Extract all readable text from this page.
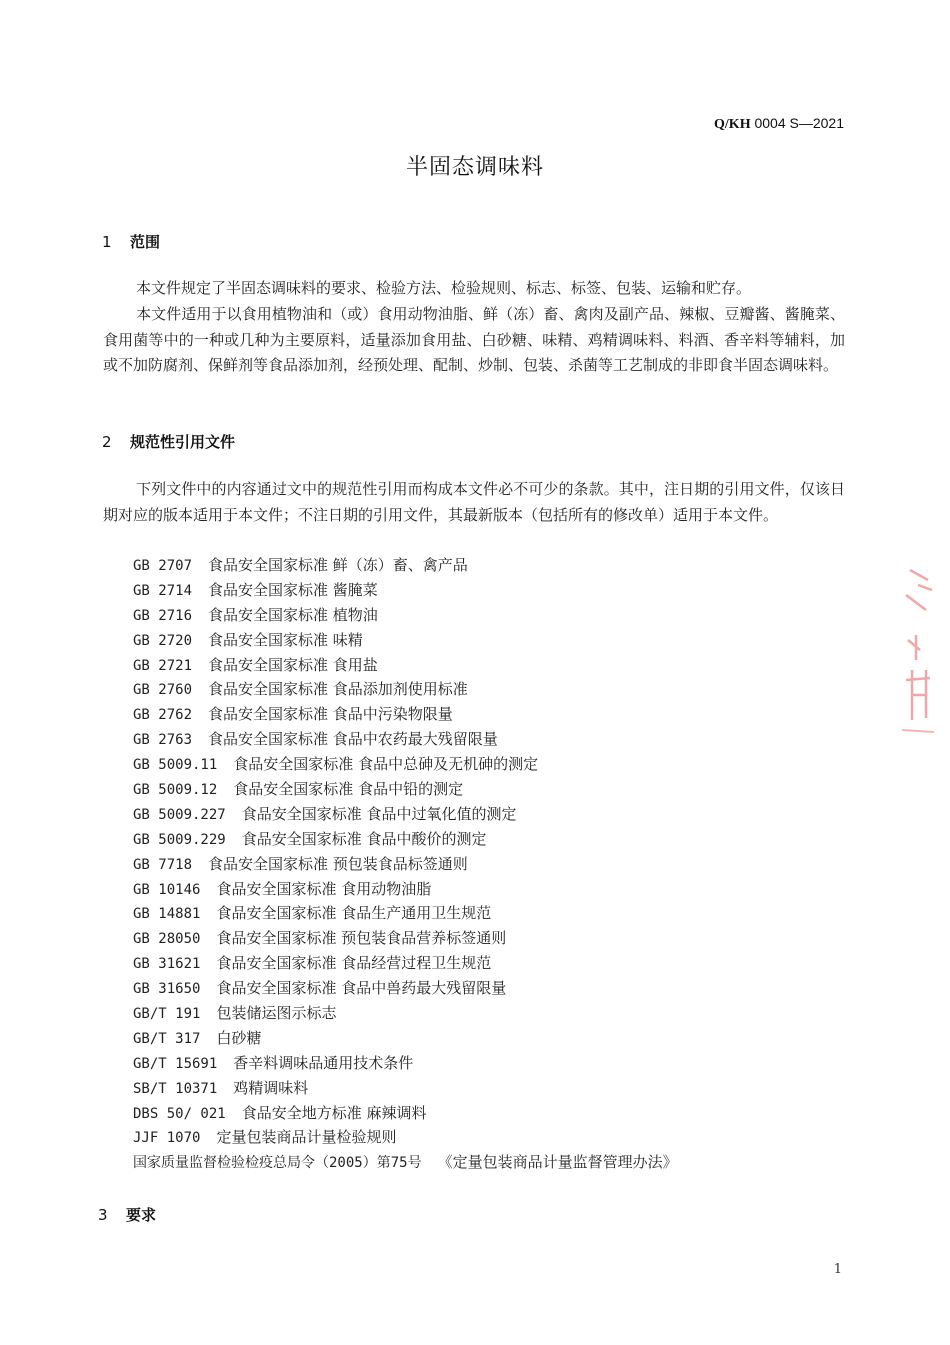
Q/KH 0004 S—2021
半固态调味料
1 范围

本文件规定了半固态调味料的要求、检验方法、检验规则、标志、标签、包装、运输和贮存。

本文件适用于以食用植物油和（或）食用动物油脂、鲜（冻）畜、禽肉及副产品、辣椒、豆瓣酱、酱腌菜、食用菌等中的一种或几种为主要原料，适量添加食用盐、白砂糖、味精、鸡精调味料、料酒、香辛料等辅料，加或不加防腐剂、保鲜剂等食品添加剂，经预处理、配制、炒制、包装、杀菌等工艺制成的非即食半固态调味料。

2 规范性引用文件

下列文件中的内容通过文中的规范性引用而构成本文件必不可少的条款。其中，注日期的引用文件，仅该日期对应的版本适用于本文件；不注日期的引用文件，其最新版本（包括所有的修改单）适用于本文件。

GB 2707 食品安全国家标准 鲜（冻）畜、禽产品
GB 2714 食品安全国家标准 酱腌菜
GB 2716 食品安全国家标准 植物油
GB 2720 食品安全国家标准 味精
GB 2721 食品安全国家标准 食用盐
GB 2760 食品安全国家标准 食品添加剂使用标准
GB 2762 食品安全国家标准 食品中污染物限量
GB 2763 食品安全国家标准 食品中农药最大残留限量
GB 5009.11 食品安全国家标准 食品中总砷及无机砷的测定
GB 5009.12 食品安全国家标准 食品中铅的测定
GB 5009.227 食品安全国家标准 食品中过氧化值的测定
GB 5009.229 食品安全国家标准 食品中酸价的测定
GB 7718 食品安全国家标准 预包装食品标签通则
GB 10146 食品安全国家标准 食用动物油脂
GB 14881 食品安全国家标准 食品生产通用卫生规范
GB 28050 食品安全国家标准 预包装食品营养标签通则
GB 31621 食品安全国家标准 食品经营过程卫生规范
GB 31650 食品安全国家标准 食品中兽药最大残留限量
GB/T 191 包装储运图示标志
GB/T 317 白砂糖
GB/T 15691 香辛料调味品通用技术条件
SB/T 10371 鸡精调味料
DBS 50/ 021 食品安全地方标准 麻辣调料
JJF 1070 定量包装商品计量检验规则
国家质量监督检验检疫总局令（2005）第75号 《定量包装商品计量监督管理办法》
3 要求
1
